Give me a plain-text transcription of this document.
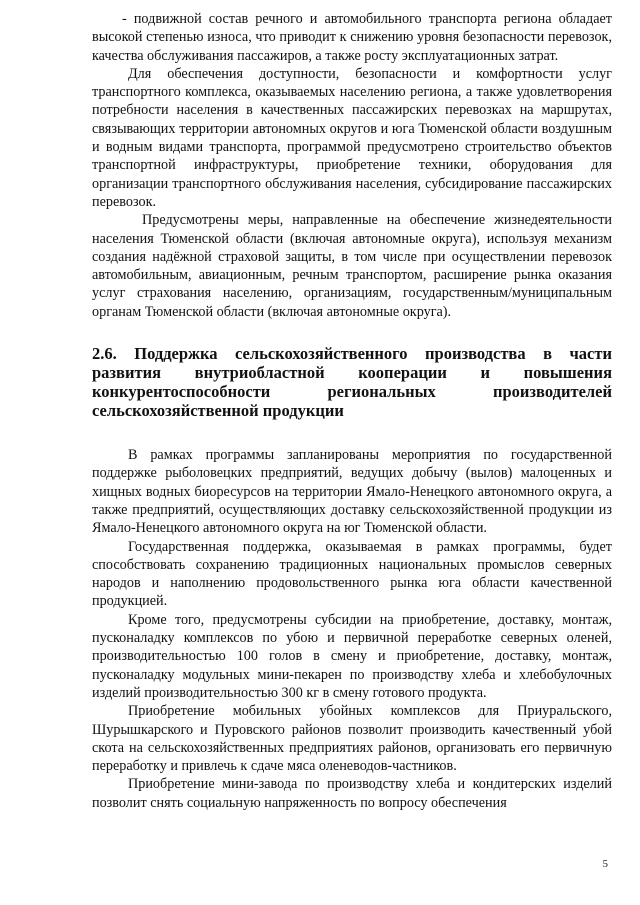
- подвижной состав речного и автомобильного транспорта региона обладает высокой степенью износа, что приводит к снижению уровня безопасности перевозок, качества обслуживания пассажиров, а также росту эксплуатационных затрат.

Для обеспечения доступности, безопасности и комфортности услуг транспортного комплекса, оказываемых населению региона, а также удовлетворения потребности населения в качественных пассажирских перевозках на маршрутах, связывающих территории автономных округов и юга Тюменской области воздушным и водным видами транспорта, программой предусмотрено строительство объектов транспортной инфраструктуры, приобретение техники, оборудования для организации транспортного обслуживания населения, субсидирование пассажирских перевозок.

Предусмотрены меры, направленные на обеспечение жизнедеятельности населения Тюменской области (включая автономные округа), используя механизм создания надёжной страховой защиты, в том числе при осуществлении перевозок автомобильным, авиационным, речным транспортом, расширение рынка оказания услуг страхования населению, организациям, государственным/муниципальным органам Тюменской области (включая автономные округа).

2.6. Поддержка сельскохозяйственного производства в части развития внутриобластной кооперации и повышения конкурентоспособности региональных производителей сельскохозяйственной продукции

В рамках программы запланированы мероприятия по государственной поддержке рыболовецких предприятий, ведущих добычу (вылов) малоценных и хищных водных биоресурсов на территории Ямало-Ненецкого автономного округа, а также предприятий, осуществляющих доставку сельскохозяйственной продукции из Ямало-Ненецкого автономного округа на юг Тюменской области.

Государственная поддержка, оказываемая в рамках программы, будет способствовать сохранению традиционных национальных промыслов северных народов и наполнению продовольственного рынка юга области качественной продукцией.

Кроме того, предусмотрены субсидии на приобретение, доставку, монтаж, пусконаладку комплексов по убою и первичной переработке северных оленей, производительностью 100 голов в смену и приобретение, доставку, монтаж, пусконаладку модульных мини-пекарен по производству хлеба и хлебобулочных изделий производительностью 300 кг в смену готового продукта.

Приобретение мобильных убойных комплексов для Приуральского, Шурышкарского и Пуровского районов позволит производить качественный убой скота на сельскохозяйственных предприятиях районов, организовать его первичную переработку и привлечь к сдаче мяса оленеводов-частников.

Приобретение мини-завода по производству хлеба и кондитерских изделий позволит снять социальную напряженность по вопросу обеспечения

5
